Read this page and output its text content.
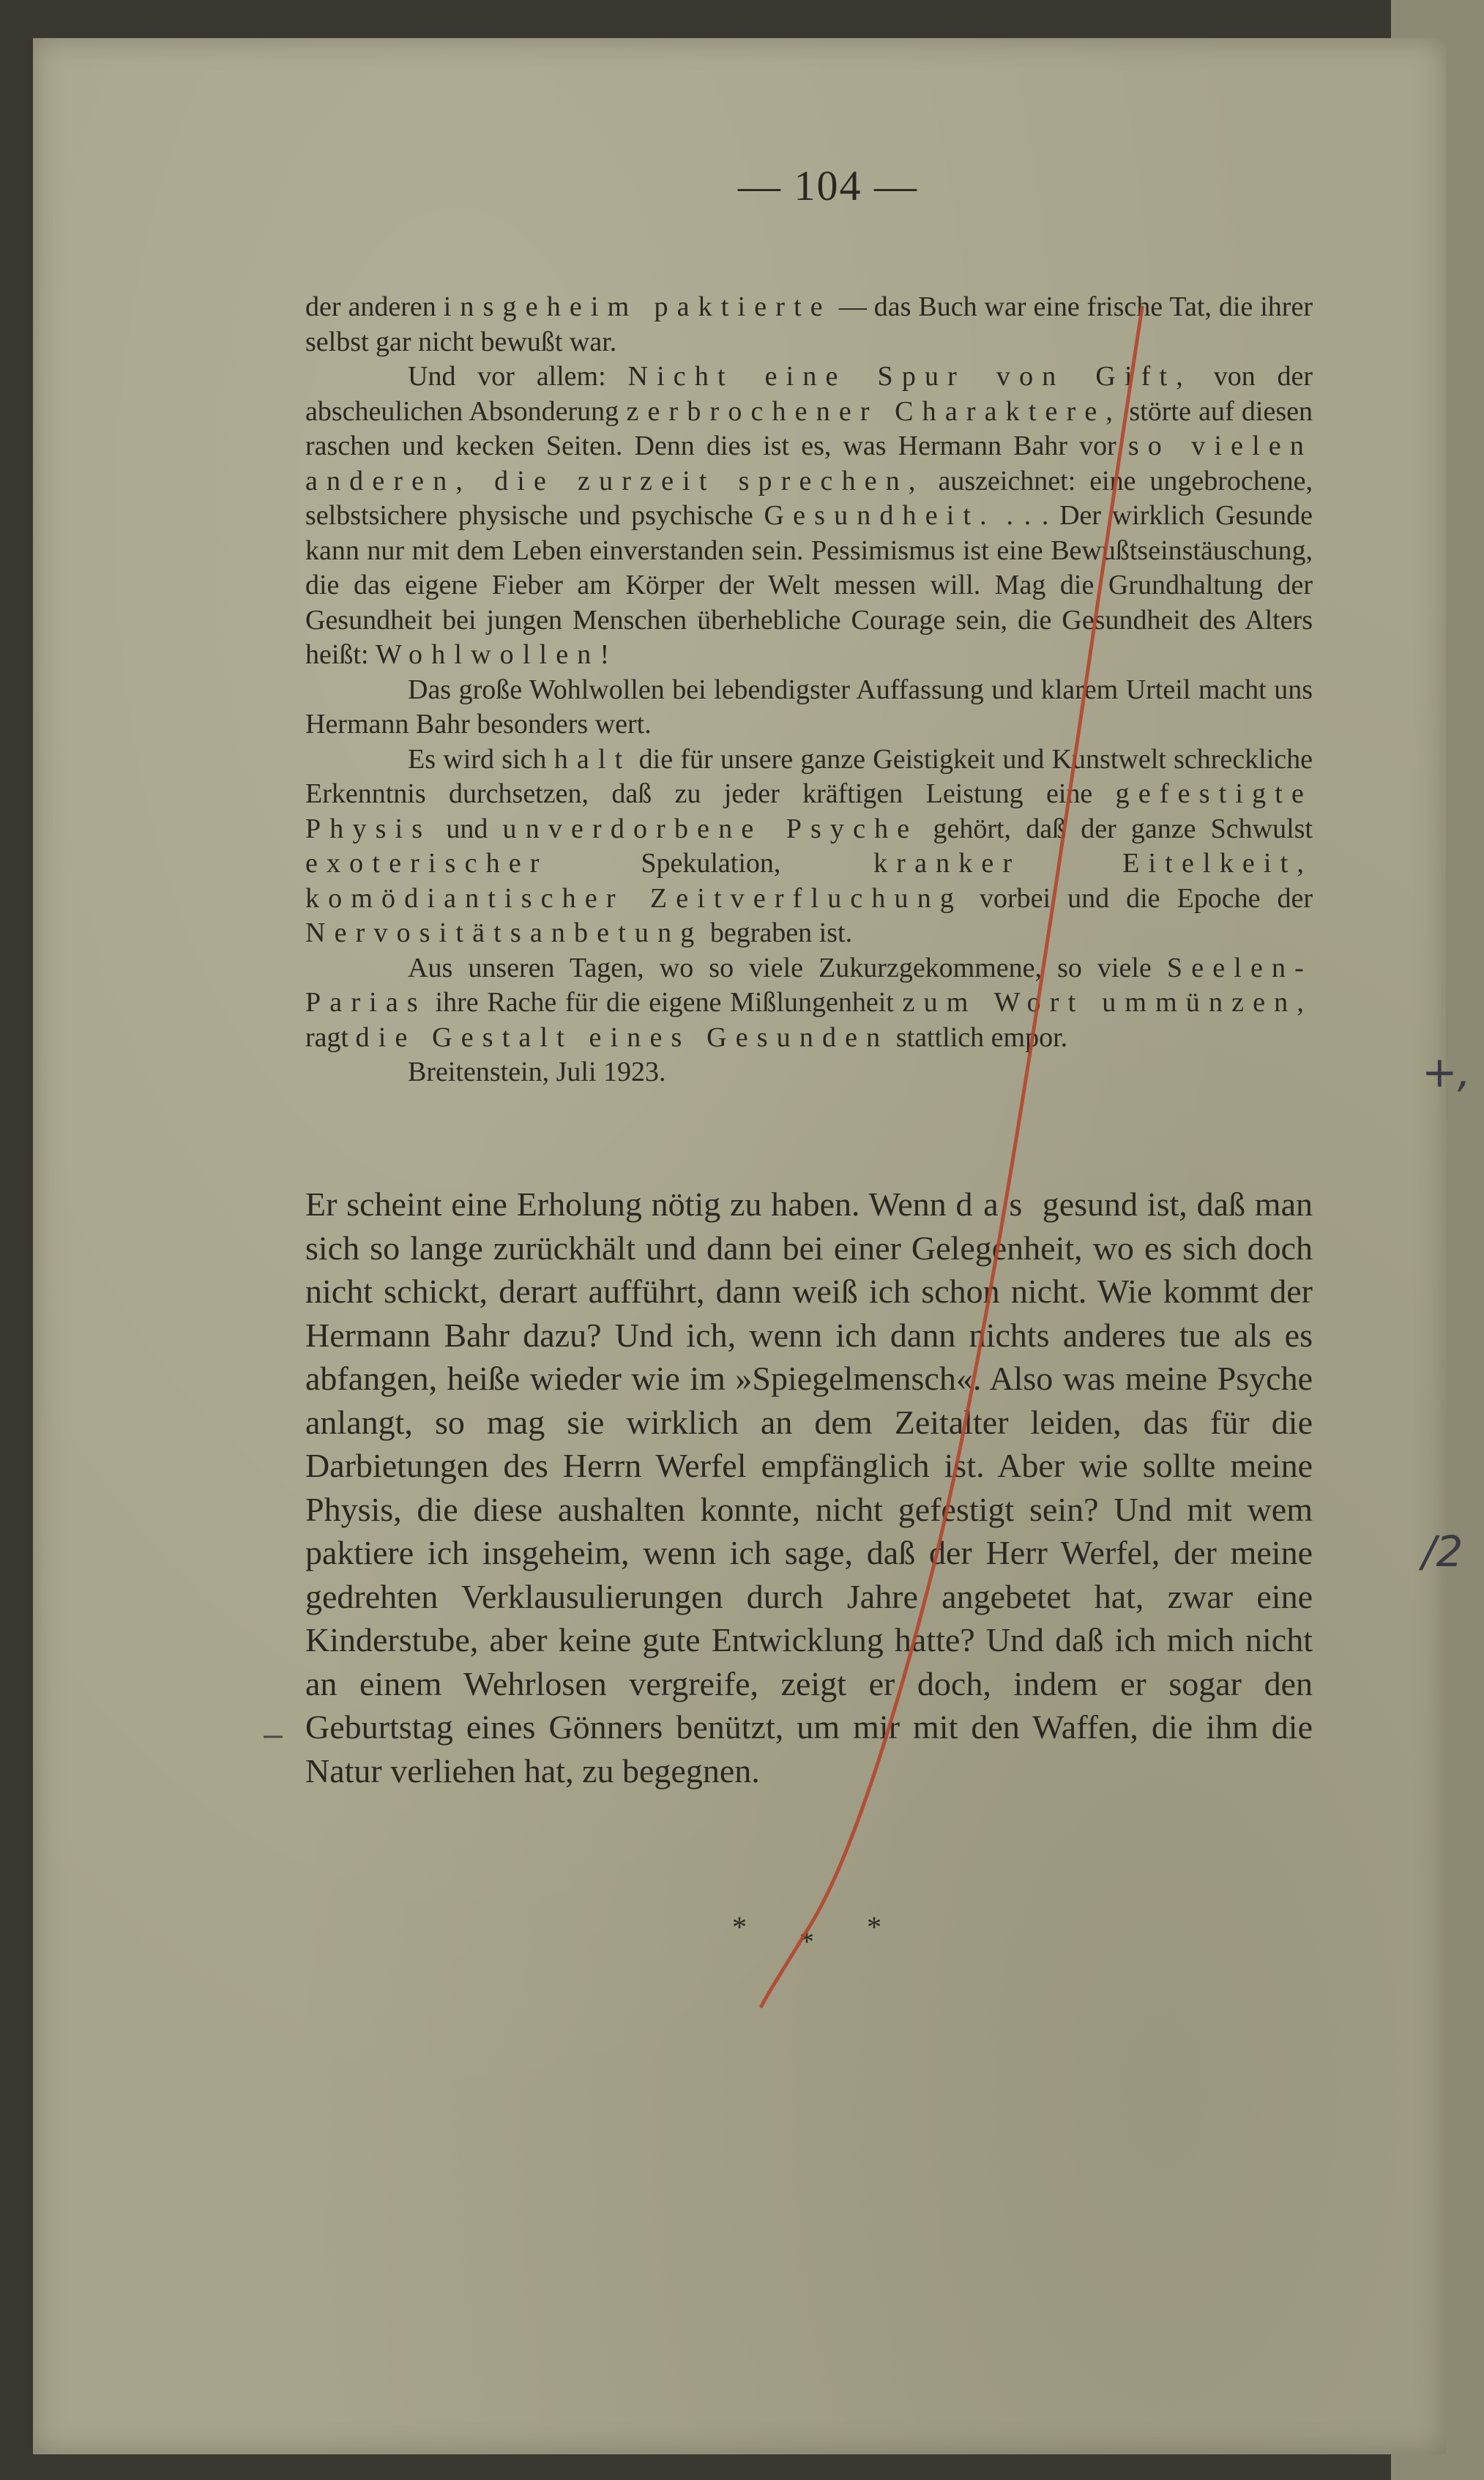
— 104 —

der anderen insgeheim paktierte — das Buch war eine frische Tat, die ihrer selbst gar nicht bewußt war.

Und vor allem: Nicht eine Spur von Gift, von der abscheulichen Absonderung zerbrochener Charaktere, störte auf diesen raschen und kecken Seiten. Denn dies ist es, was Hermann Bahr vor so vielen anderen, die zurzeit sprechen, auszeichnet: eine ungebrochene, selbstsichere physische und psychische Gesundheit. . . . Der wirklich Gesunde kann nur mit dem Leben einverstanden sein. Pessimismus ist eine Bewußtseinstäuschung, die das eigene Fieber am Körper der Welt messen will. Mag die Grundhaltung der Gesundheit bei jungen Menschen überhebliche Courage sein, die Gesundheit des Alters heißt: Wohlwollen!

Das große Wohlwollen bei lebendigster Auffassung und klarem Urteil macht uns Hermann Bahr besonders wert.

Es wird sich halt die für unsere ganze Geistigkeit und Kunstwelt schreckliche Erkenntnis durchsetzen, daß zu jeder kräftigen Leistung eine gefestigte Physis und unverdorbene Psyche gehört, daß der ganze Schwulst exoterischer Spekulation, kranker Eitelkeit, komödiantischer Zeitverfluchung vorbei und die Epoche der Nervositätsanbetung begraben ist.

Aus unseren Tagen, wo so viele Zukurzgekommene, so viele Seelen-Parias ihre Rache für die eigene Mißlungenheit zum Wort ummünzen, ragt die Gestalt eines Gesunden stattlich empor.

Breitenstein, Juli 1923.

Er scheint eine Erholung nötig zu haben. Wenn das gesund ist, daß man sich so lange zurückhält und dann bei einer Gelegenheit, wo es sich doch nicht schickt, derart aufführt, dann weiß ich schon nicht. Wie kommt der Hermann Bahr dazu? Und ich, wenn ich dann nichts anderes tue als es abfangen, heiße wieder wie im »Spiegelmensch«. Also was meine Psyche anlangt, so mag sie wirklich an dem Zeitalter leiden, das für die Darbietungen des Herrn Werfel empfänglich ist. Aber wie sollte meine Physis, die diese aushalten konnte, nicht gefestigt sein? Und mit wem paktiere ich insgeheim, wenn ich sage, daß der Herr Werfel, der meine gedrehten Verklausulierungen durch Jahre angebetet hat, zwar eine Kinderstube, aber keine gute Entwicklung hatte? Und daß ich mich nicht an einem Wehrlosen vergreife, zeigt er doch, indem er sogar den Geburtstag eines Gönners benützt, um mir mit den Waffen, die ihm die Natur verliehen hat, zu begegnen.

* * *
+,
/2
